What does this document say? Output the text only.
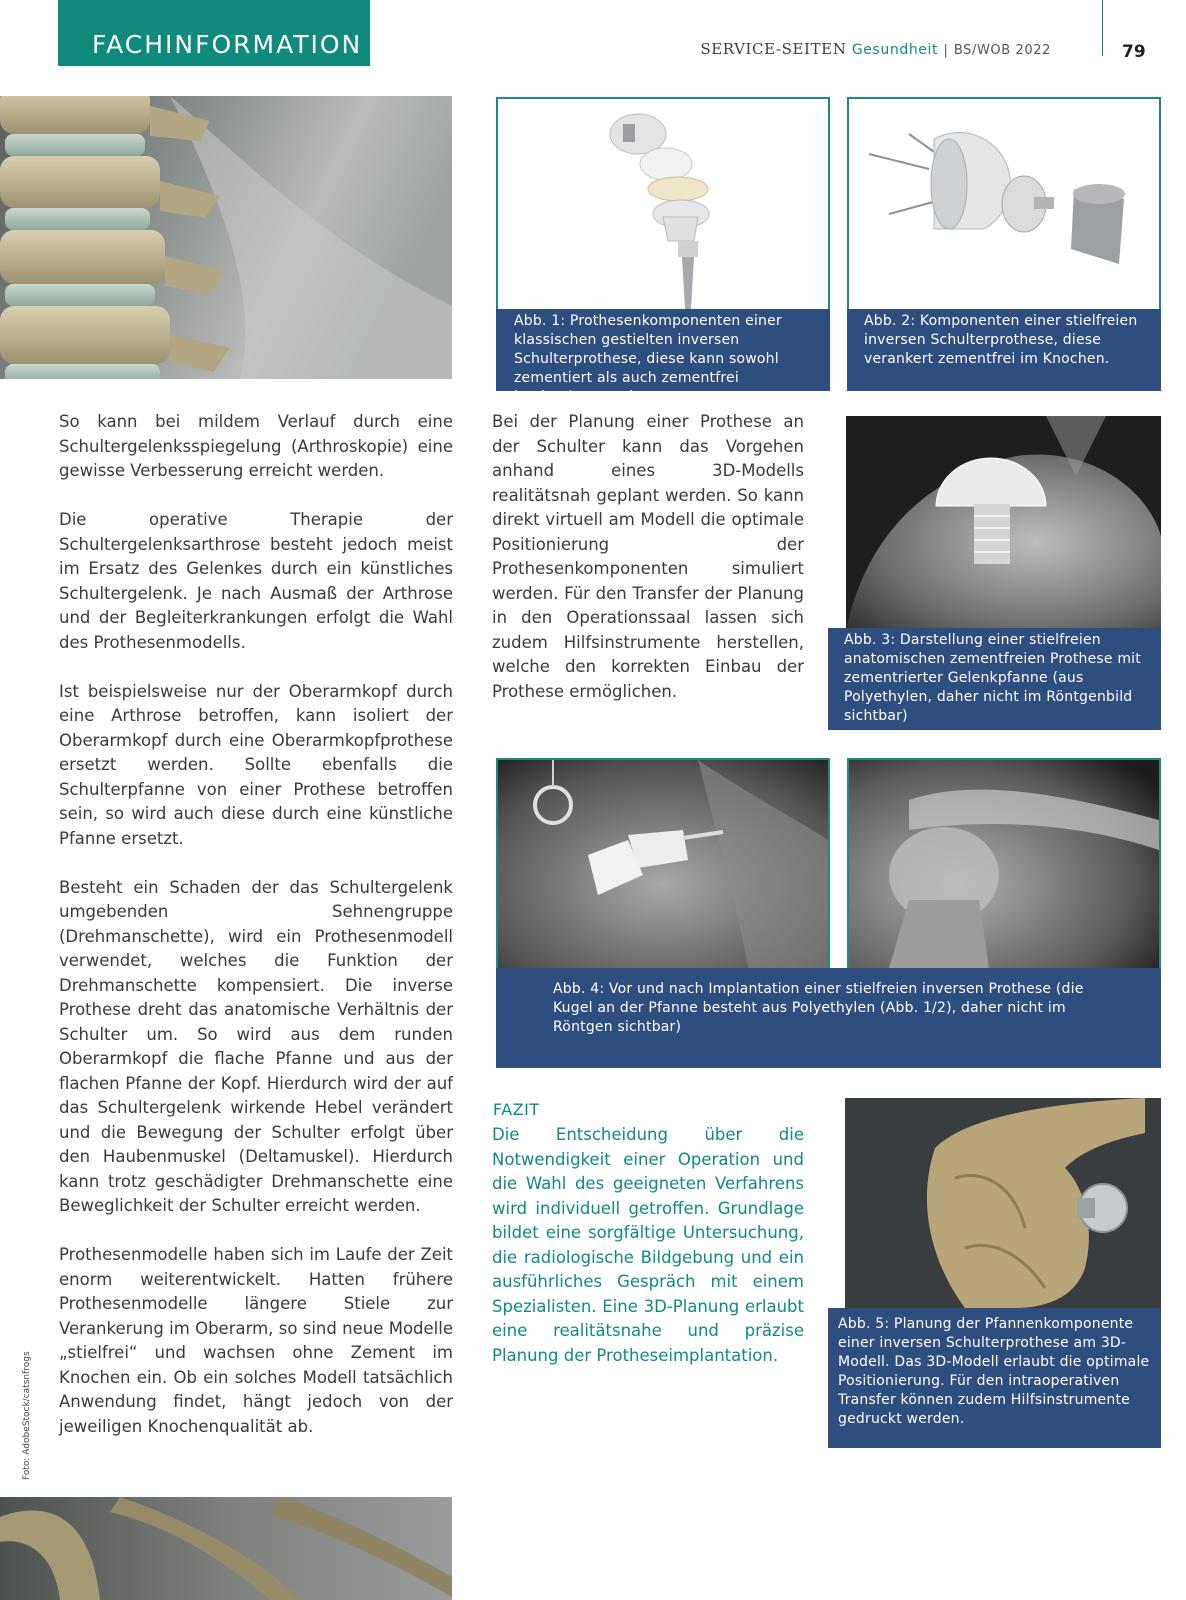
FACHINFORMATION	SERVICE-SEITEN Gesundheit | BS/WOB 2022	79
Abb. 1: Prothesenkomponenten einer klassischen gestielten inversen Schulterprothese, diese kann sowohl zementiert als auch zementfrei implantiert werden.
Abb. 2: Komponenten einer stielfreien inversen Schulterprothese, diese verankert zementfrei im Knochen.

So kann bei mildem Verlauf durch eine Schultergelenksspiegelung (Arthroskopie) eine gewisse Verbesserung erreicht werden.

Die operative Therapie der Schultergelenksarthrose besteht jedoch meist im Ersatz des Gelenkes durch ein künstliches Schultergelenk. Je nach Ausmaß der Arthrose und der Begleiterkrankungen erfolgt die Wahl des Prothesenmodells.

Ist beispielsweise nur der Oberarmkopf durch eine Arthrose betroffen, kann isoliert der Oberarmkopf durch eine Oberarmkopfprothese ersetzt werden. Sollte ebenfalls die Schulterpfanne von einer Prothese betroffen sein, so wird auch diese durch eine künstliche Pfanne ersetzt.

Besteht ein Schaden der das Schultergelenk umgebenden Sehnengruppe (Drehmanschette), wird ein Prothesenmodell verwendet, welches die Funktion der Drehmanschette kompensiert. Die inverse Prothese dreht das anatomische Verhältnis der Schulter um. So wird aus dem runden Oberarmkopf die flache Pfanne und aus der flachen Pfanne der Kopf. Hierdurch wird der auf das Schultergelenk wirkende Hebel verändert und die Bewegung der Schulter erfolgt über den Haubenmuskel (Deltamuskel). Hierdurch kann trotz geschädigter Drehmanschette eine Beweglichkeit der Schulter erreicht werden.

Prothesenmodelle haben sich im Laufe der Zeit enorm weiterentwickelt. Hatten frühere Prothesenmodelle längere Stiele zur Verankerung im Oberarm, so sind neue Modelle „stielfrei“ und wachsen ohne Zement im Knochen ein. Ob ein solches Modell tatsächlich Anwendung findet, hängt jedoch von der jeweiligen Knochenqualität ab.

Bei der Planung einer Prothese an der Schulter kann das Vorgehen anhand eines 3D-Modells realitätsnah geplant werden. So kann direkt virtuell am Modell die optimale Positionierung der Prothesenkomponenten simuliert werden. Für den Transfer der Planung in den Operationssaal lassen sich zudem Hilfsinstrumente herstellen, welche den korrekten Einbau der Prothese ermöglichen.

Abb. 3: Darstellung einer stielfreien anatomischen zementfreien Prothese mit zementrierter Gelenkpfanne (aus Polyethylen, daher nicht im Röntgenbild sichtbar)
Abb. 4: Vor und nach Implantation einer stielfreien inversen Prothese (die Kugel an der Pfanne besteht aus Polyethylen (Abb. 1/2), daher nicht im Röntgen sichtbar)
FAZIT
Die Entscheidung über die Notwendigkeit einer Operation und die Wahl des geeigneten Verfahrens wird individuell getroffen. Grundlage bildet eine sorgfältige Untersuchung, die radiologische Bildgebung und ein ausführliches Gespräch mit einem Spezialisten. Eine 3D-Planung erlaubt eine realitätsnahe und präzise Planung der Protheseimplantation.
Abb. 5: Planung der Pfannenkomponente einer inversen Schulterprothese am 3D-Modell. Das 3D-Modell erlaubt die optimale Positionierung. Für den intraoperativen Transfer können zudem Hilfsinstrumente gedruckt werden.
Foto: AdobeStock/catsnfrogs
